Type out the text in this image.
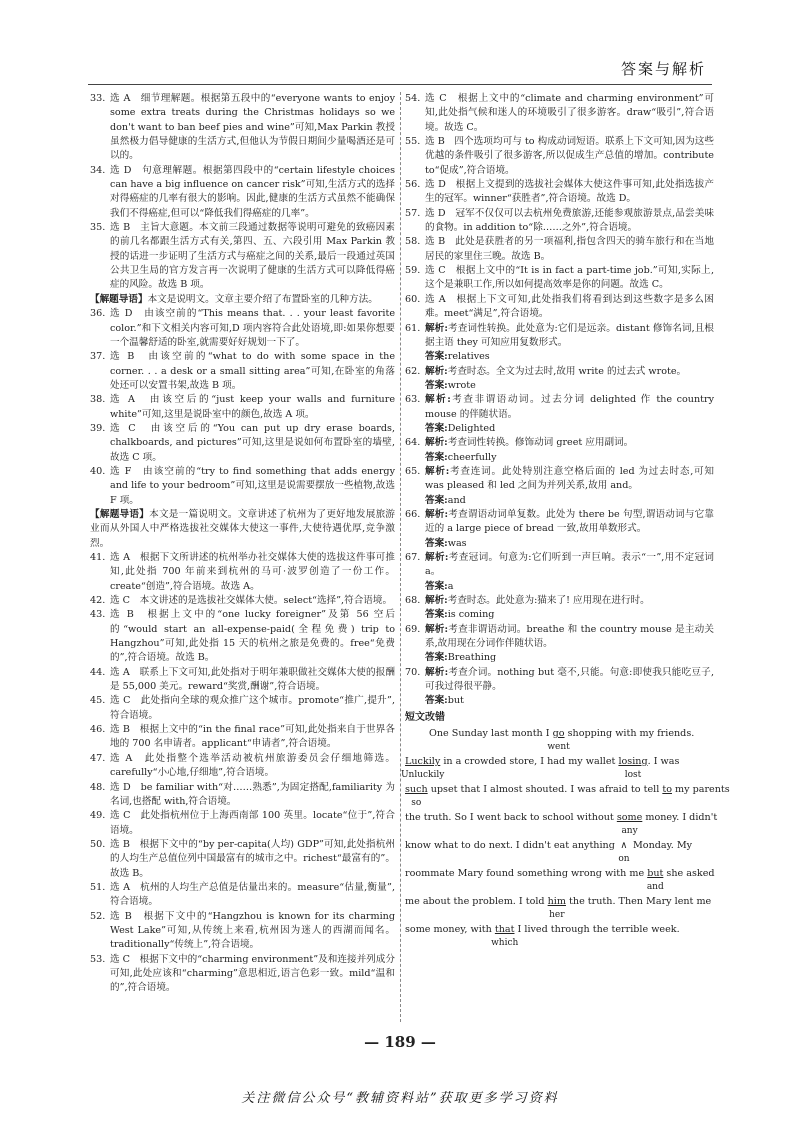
答案与解析

33. 选 A　细节理解题。根据第五段中的“everyone wants to enjoy some extra treats during the Christmas holidays so we don't want to ban beef pies and wine”可知,Max Parkin 教授虽然极力倡导健康的生活方式,但他认为节假日期间少量喝酒还是可以的。

34. 选 D　句意理解题。根据第四段中的“certain lifestyle choices can have a big influence on cancer risk”可知,生活方式的选择对得癌症的几率有很大的影响。因此,健康的生活方式虽然不能确保我们不得癌症,但可以“降低我们得癌症的几率”。

35. 选 B　主旨大意题。本文前三段通过数据等说明可避免的致癌因素的前几名都跟生活方式有关,第四、五、六段引用 Max Parkin 教授的话进一步证明了生活方式与癌症之间的关系,最后一段通过英国公共卫生局的官方发言再一次说明了健康的生活方式可以降低得癌症的风险。故选 B 项。

【解题导语】本文是说明文。文章主要介绍了布置卧室的几种方法。

36. 选 D　由该空前的“This means that. . . your least favorite color.”和下文相关内容可知,D 项内容符合此处语境,即:如果你想要一个温馨舒适的卧室,就需要好好规划一下了。

37. 选 B　由该空前的“what to do with some space in the corner. . . a desk or a small sitting area”可知,在卧室的角落处还可以安置书架,故选 B 项。

38. 选 A　由该空后的“just keep your walls and furniture white”可知,这里是说卧室中的颜色,故选 A 项。

39. 选 C　由该空后的“You can put up dry erase boards, chalkboards, and pictures”可知,这里是说如何布置卧室的墙壁,故选 C 项。

40. 选 F　由该空前的“try to find something that adds energy and life to your bedroom”可知,这里是说需要摆放一些植物,故选 F 项。

【解题导语】本文是一篇说明文。文章讲述了杭州为了更好地发展旅游业而从外国人中严格选拔社交媒体大使这一事件,大使待遇优厚,竞争激烈。

41. 选 A　根据下文所讲述的杭州举办社交媒体大使的选拔这件事可推知,此处指 700 年前来到杭州的马可·波罗创造了一份工作。create“创造”,符合语境。故选 A。

42. 选 C　本文讲述的是选拔社交媒体大使。select“选择”,符合语境。

43. 选 B　根据上文中的“one lucky foreigner”及第 56 空后的“would start an all-expense-paid(全程免费) trip to Hangzhou”可知,此处指 15 天的杭州之旅是免费的。free“免费的”,符合语境。故选 B。

44. 选 A　联系上下文可知,此处指对于明年兼职做社交媒体大使的报酬是 55,000 美元。reward“奖赏,酬谢”,符合语境。

45. 选 C　此处指向全球的观众推广这个城市。promote“推广,提升”,符合语境。

46. 选 B　根据上文中的“in the final race”可知,此处指来自于世界各地的 700 名申请者。applicant“申请者”,符合语境。

47. 选 A　此处指整个选举活动被杭州旅游委员会仔细地筛选。carefully“小心地,仔细地”,符合语境。

48. 选 D　be familiar with“对……熟悉”,为固定搭配,familiarity 为名词,也搭配 with,符合语境。

49. 选 C　此处指杭州位于上海西南部 100 英里。locate“位于”,符合语境。

50. 选 B　根据下文中的“by per-capita(人均) GDP”可知,此处指杭州的人均生产总值位列中国最富有的城市之中。richest“最富有的”。故选 B。

51. 选 A　杭州的人均生产总值是估量出来的。measure“估量,衡量”,符合语境。

52. 选 B　根据下文中的“Hangzhou is known for its charming West Lake”可知,从传统上来看,杭州因为迷人的西湖而闻名。traditionally“传统上”,符合语境。

53. 选 C　根据下文中的“charming environment”及和连接并列成分可知,此处应该和“charming”意思相近,语言色彩一致。mild“温和的”,符合语境。

54. 选 C　根据上文中的“climate and charming environment”可知,此处指气候和迷人的环境吸引了很多游客。draw“吸引”,符合语境。故选 C。

55. 选 B　四个选项均可与 to 构成动词短语。联系上下文可知,因为这些优越的条件吸引了很多游客,所以促成生产总值的增加。contribute to“促成”,符合语境。

56. 选 D　根据上文提到的选拔社会媒体大使这件事可知,此处指选拔产生的冠军。winner“获胜者”,符合语境。故选 D。

57. 选 D　冠军不仅仅可以去杭州免费旅游,还能参观旅游景点,品尝美味的食物。in addition to“除……之外”,符合语境。

58. 选 B　此处是获胜者的另一项福利,指包含四天的骑车旅行和在当地居民的家里住三晚。故选 B。

59. 选 C　根据上文中的“It is in fact a part-time job.”可知,实际上,这个是兼职工作,所以如何提高效率是你的问题。故选 C。

60. 选 A　根据上下文可知,此处指我们将看到达到这些数字是多么困难。meet“满足”,符合语境。

61. 解析:考查词性转换。此处意为:它们是远亲。distant 修饰名词,且根据主语 they 可知应用复数形式。

答案:relatives

62. 解析:考查时态。全文为过去时,故用 write 的过去式 wrote。

答案:wrote

63. 解析:考查非谓语动词。过去分词 delighted 作 the country mouse 的伴随状语。

答案:Delighted

64. 解析:考查词性转换。修饰动词 greet 应用副词。

答案:cheerfully

65. 解析:考查连词。此处特别注意空格后面的 led 为过去时态,可知 was pleased 和 led 之间为并列关系,故用 and。

答案:and

66. 解析:考查谓语动词单复数。此处为 there be 句型,谓语动词与它靠近的 a large piece of bread 一致,故用单数形式。

答案:was

67. 解析:考查冠词。句意为:它们听到一声巨响。表示“一”,用不定冠词 a。

答案:a

68. 解析:考查时态。此处意为:猫来了! 应用现在进行时。

答案:is coming

69. 解析:考查非谓语动词。breathe 和 the country mouse 是主动关系,故用现在分词作伴随状语。

答案:Breathing

70. 解析:考查介词。nothing but 毫不,只能。句意:即使我只能吃豆子,可我过得很平静。

答案:but

短文改错

One Sunday last month I go
went
shopping with my friends.
Luckily
Unluckily
in a crowded store, I had my wallet losing
lost
. I was
such
so
upset that I almost shouted. I was afraid to tell to my parents
the truth. So I went back to school without some
any
money. I didn't
know what to do next. I didn't eat anything ∧
on
Monday. My
roommate Mary found something wrong with me but
and
she asked
me about the problem. I told him
her
the truth. Then Mary lent me
some money, with that
which
I lived through the terrible week.
— 189 —
关注微信公众号“教辅资料站”获取更多学习资料
